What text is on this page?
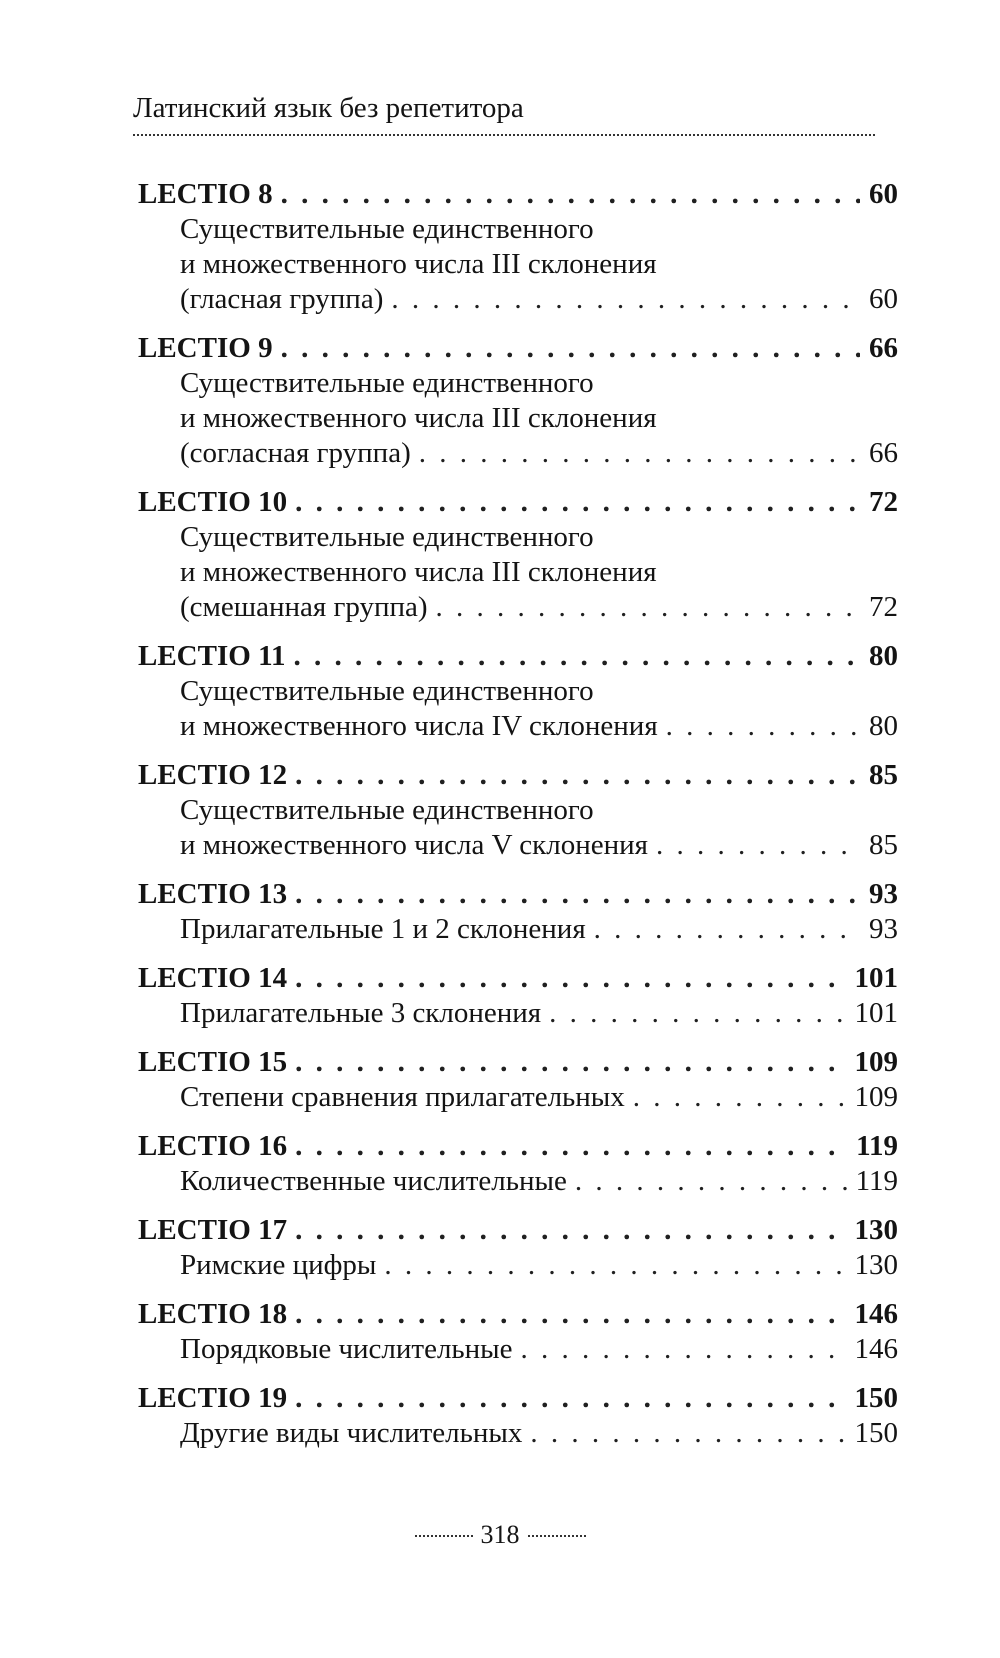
Латинский язык без репетитора
LECTIO 8 . . .	60
Существительные единственного
и множественного числа III склонения
(гласная группа) . . .	60
LECTIO 9 . . .	66
Существительные единственного
и множественного числа III склонения
(согласная группа) . . .	66
LECTIO 10 . . .	72
Существительные единственного
и множественного числа III склонения
(смешанная группа) . . .	72
LECTIO 11 . . .	80
Существительные единственного
и множественного числа IV склонения . . .	80
LECTIO 12 . . .	85
Существительные единственного
и множественного числа V склонения . . .	85
LECTIO 13 . . .	93
Прилагательные 1 и 2 склонения . . .	93
LECTIO 14 . . .	101
Прилагательные 3 склонения . . .	101
LECTIO 15 . . .	109
Степени сравнения прилагательных . . .	109
LECTIO 16 . . .	119
Количественные числительные . . .	119
LECTIO 17 . . .	130
Римские цифры . . .	130
LECTIO 18 . . .	146
Порядковые числительные . . .	146
LECTIO 19 . . .	150
Другие виды числительных . . .	150
318
